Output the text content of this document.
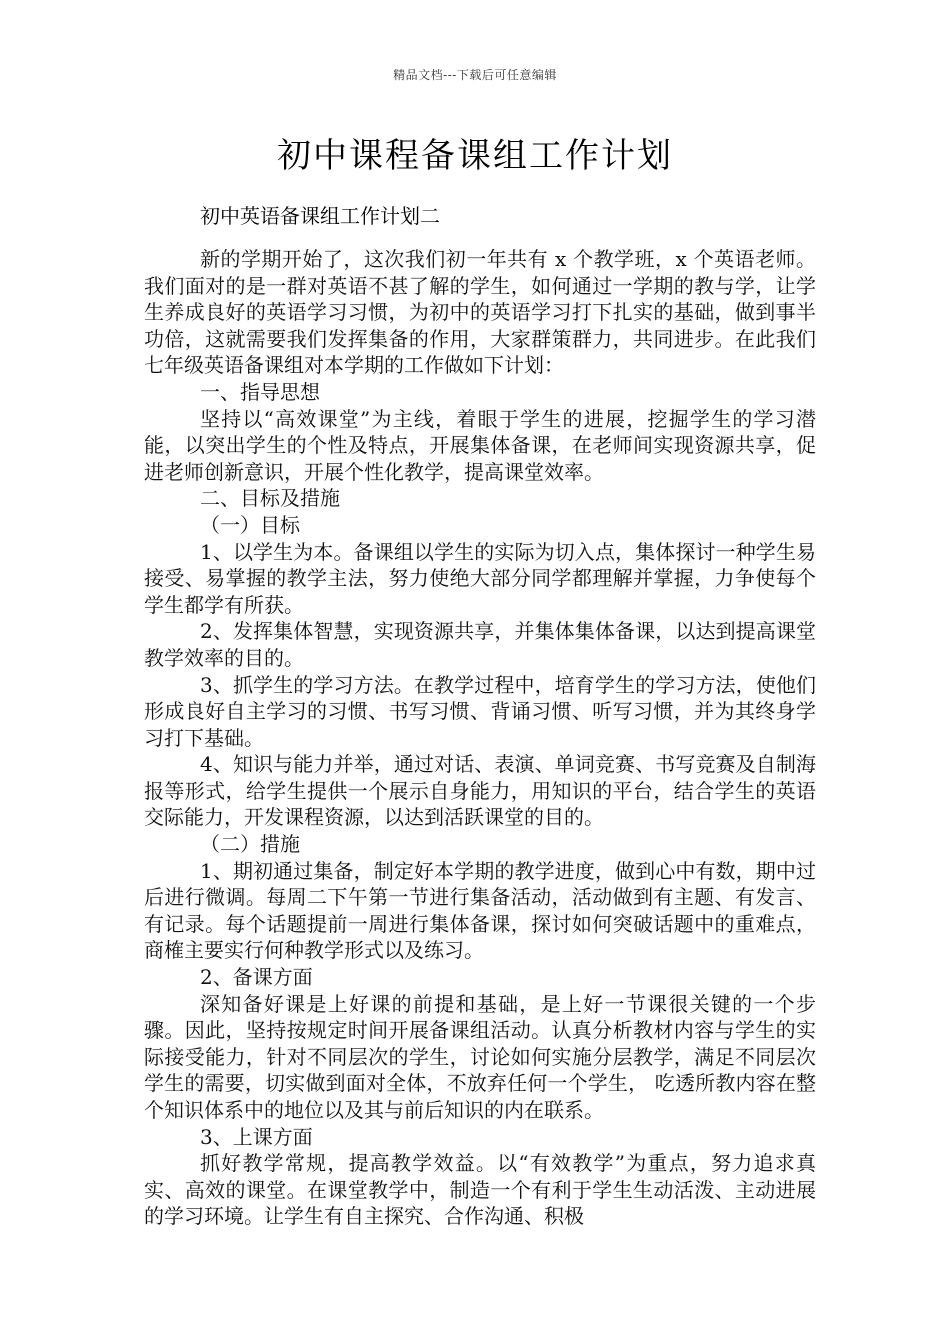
精品文档---下载后可任意编辑
初中课程备课组工作计划
初中英语备课组工作计划二

新的学期开始了，这次我们初一年共有 x 个教学班，x 个英语老师。我们面对的是一群对英语不甚了解的学生，如何通过一学期的教与学，让学生养成良好的英语学习习惯，为初中的英语学习打下扎实的基础，做到事半功倍，这就需要我们发挥集备的作用，大家群策群力，共同进步。在此我们七年级英语备课组对本学期的工作做如下计划：

一、指导思想

坚持以“高效课堂”为主线，着眼于学生的进展，挖掘学生的学习潜能，以突出学生的个性及特点，开展集体备课，在老师间实现资源共享，促进老师创新意识，开展个性化教学，提高课堂效率。

二、目标及措施

（一）目标

1、以学生为本。备课组以学生的实际为切入点，集体探讨一种学生易接受、易掌握的教学主法，努力使绝大部分同学都理解并掌握，力争使每个学生都学有所获。

2、发挥集体智慧，实现资源共享，并集体集体备课，以达到提高课堂教学效率的目的。

3、抓学生的学习方法。在教学过程中，培育学生的学习方法，使他们形成良好自主学习的习惯、书写习惯、背诵习惯、听写习惯，并为其终身学习打下基础。

4、知识与能力并举，通过对话、表演、单词竞赛、书写竞赛及自制海报等形式，给学生提供一个展示自身能力，用知识的平台，结合学生的英语交际能力，开发课程资源，以达到活跃课堂的目的。

（二）措施

1、期初通过集备，制定好本学期的教学进度，做到心中有数，期中过后进行微调。每周二下午第一节进行集备活动，活动做到有主题、有发言、有记录。每个话题提前一周进行集体备课，探讨如何突破话题中的重难点，商榷主要实行何种教学形式以及练习。

2、备课方面

深知备好课是上好课的前提和基础，是上好一节课很关键的一个步骤。因此，坚持按规定时间开展备课组活动。认真分析教材内容与学生的实际接受能力，针对不同层次的学生，讨论如何实施分层教学，满足不同层次学生的需要，切实做到面对全体，不放弃任何一个学生， 吃透所教内容在整个知识体系中的地位以及其与前后知识的内在联系。

3、上课方面

抓好教学常规，提高教学效益。以“有效教学”为重点，努力追求真实、高效的课堂。在课堂教学中，制造一个有利于学生生动活泼、主动进展的学习环境。让学生有自主探究、合作沟通、积极
